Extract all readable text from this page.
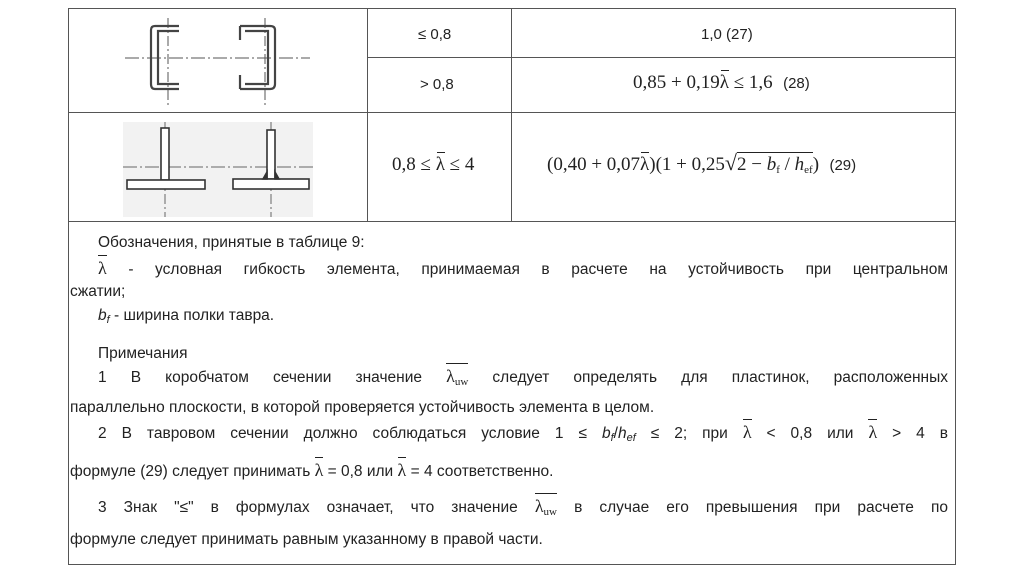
≤ 0,8	1,0 (27)
> 0,8	0,85 + 0,19λ ≤ 1,6 (28)
0,8 ≤ λ ≤ 4	$(0,40 + 0,07\lambda)(1 + 0,25√2 - b_f / h_{ef})$ (29)

Обозначения, принятые в таблице 9:

λ - условная гибкость элемента, принимаемая в расчете на устойчивость при центральном

сжатии;

$b_f$ - ширина полки тавра.

Примечания

1 В коробчатом сечении значение $\lambda_{uw}$ следует определять для пластинок, расположенных

параллельно плоскости, в которой проверяется устойчивость элемента в целом.

2 В тавровом сечении должно соблюдаться условие $1 \le b_f/h_{ef} \le 2$; при λ < 0,8 или λ > 4 в

формуле (29) следует принимать λ = 0,8 или λ = 4 соответственно.

3 Знак "≤" в формулах означает, что значение $\lambda_{uw}$ в случае его превышения при расчете по

формуле следует принимать равным указанному в правой части.
